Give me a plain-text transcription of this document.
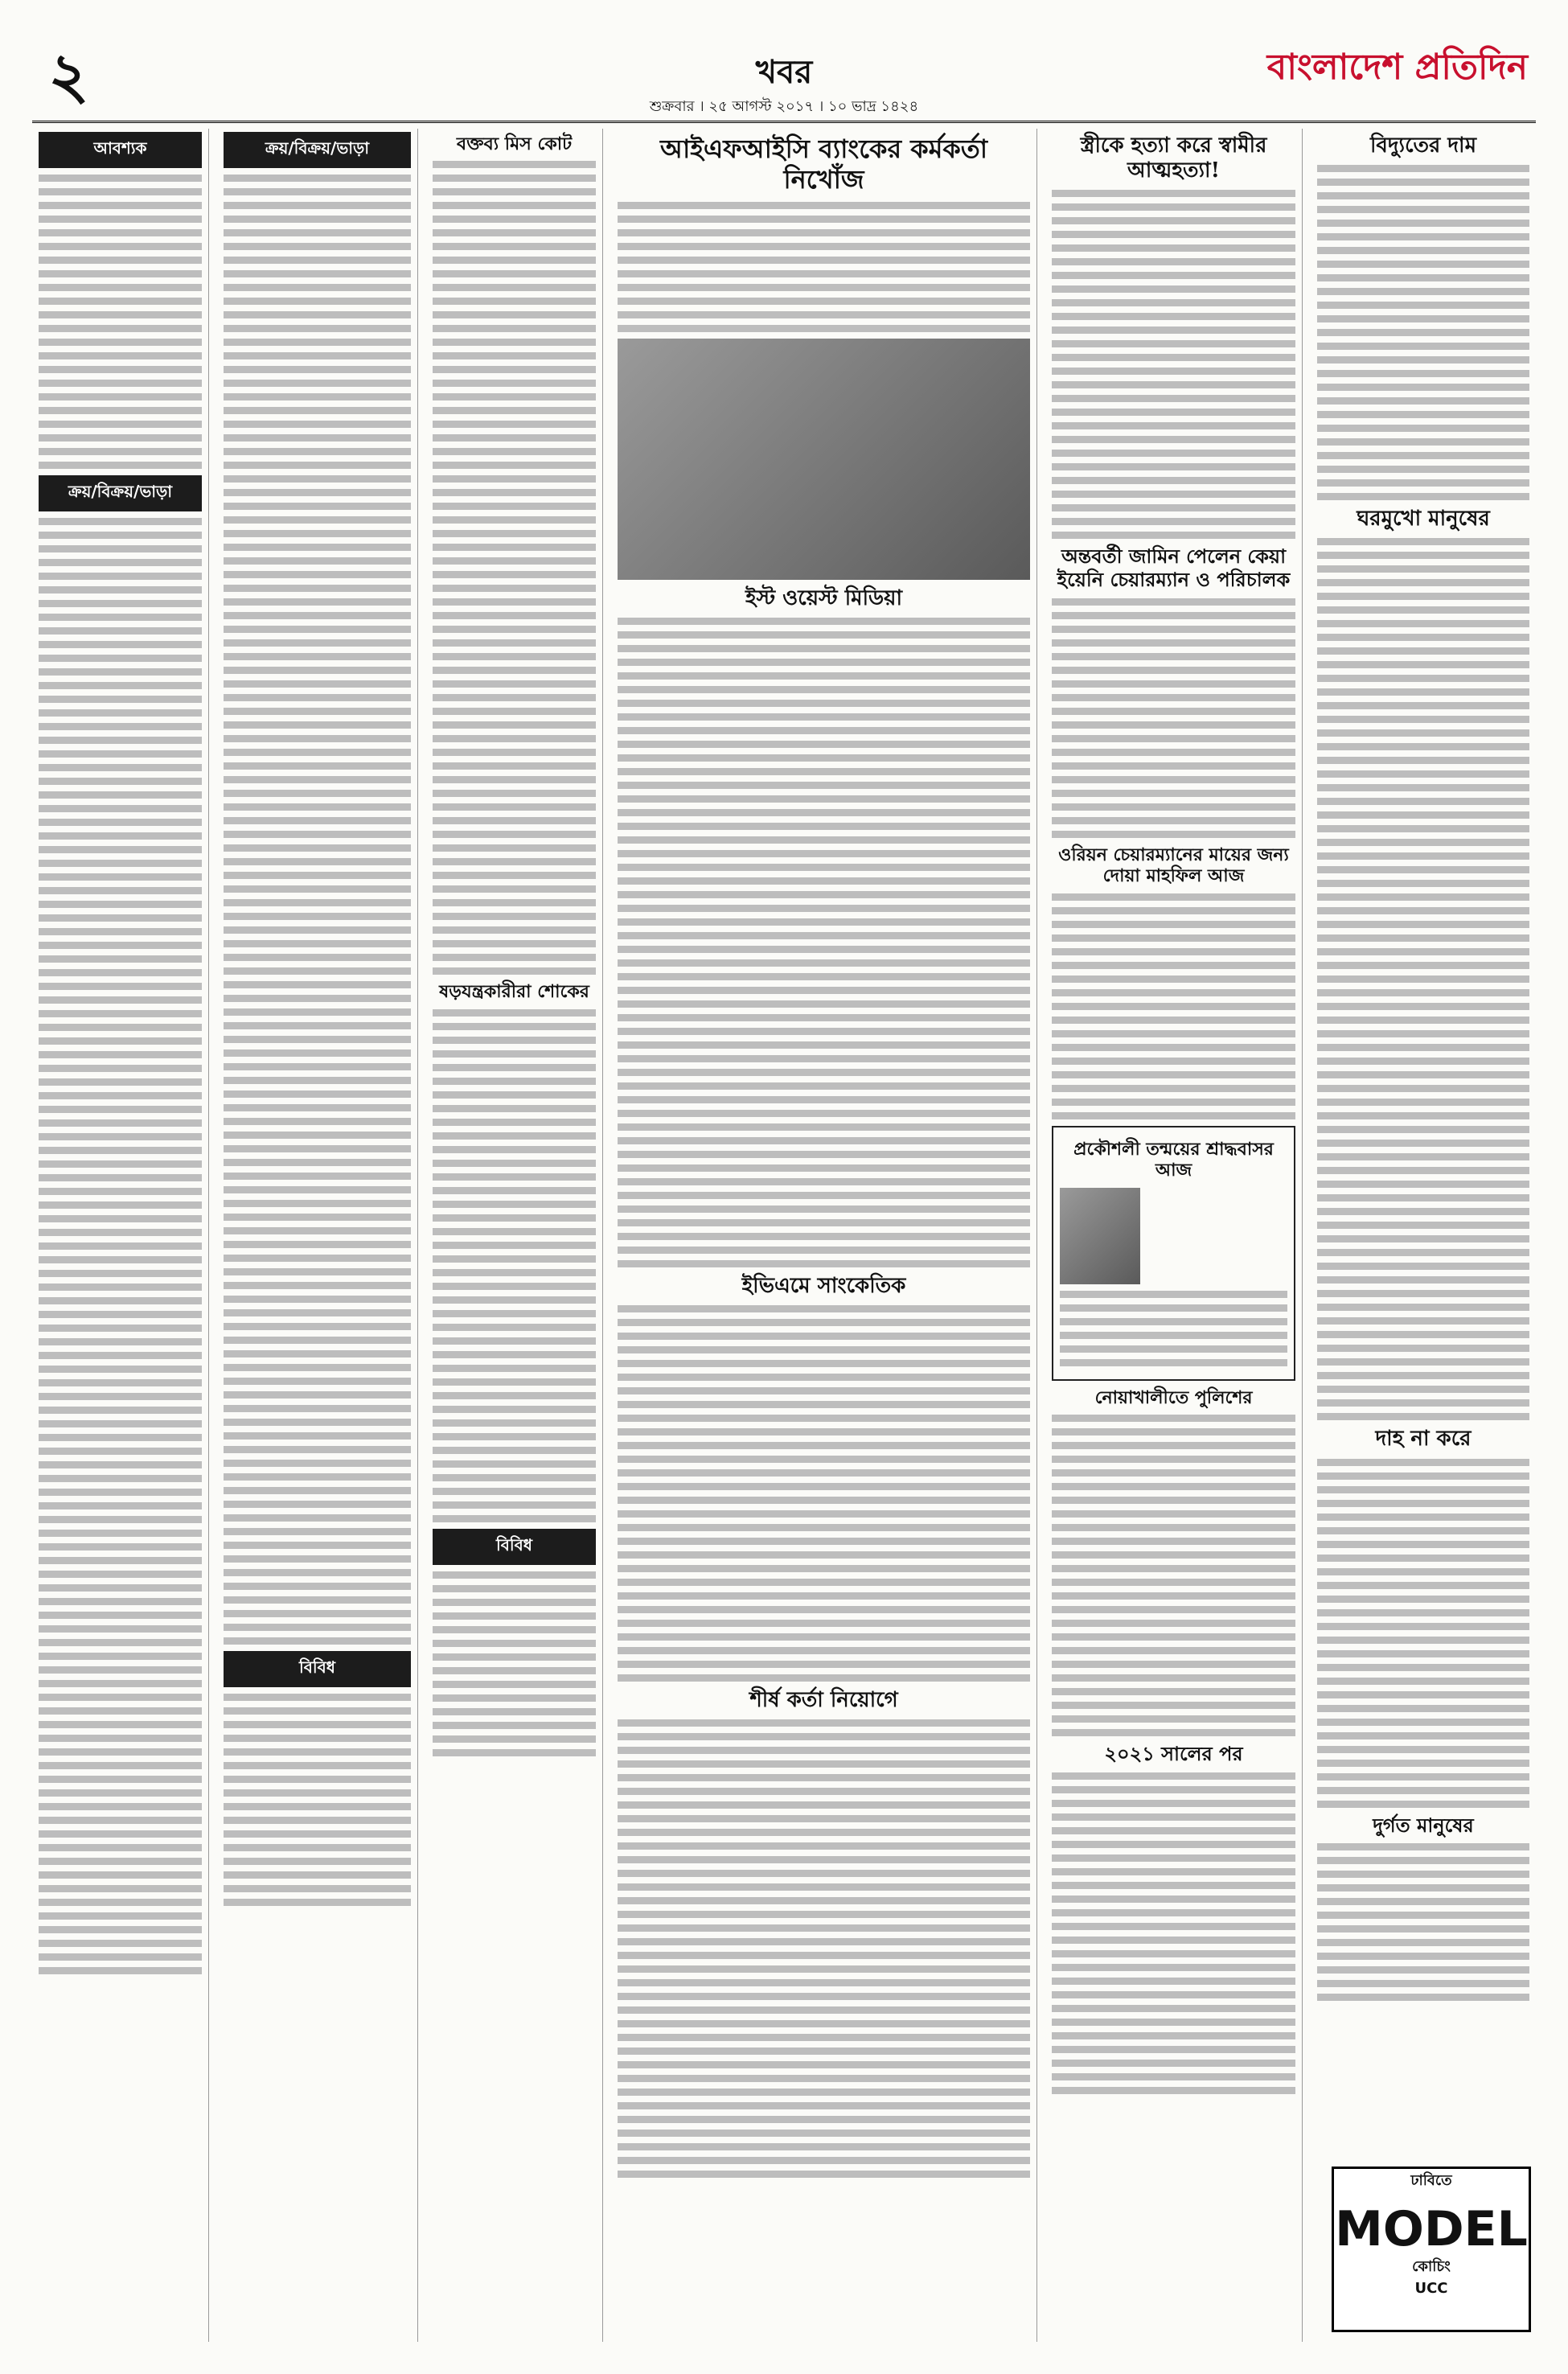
২	খবর
শুক্রবার । ২৫ আগস্ট ২০১৭ । ১০ ভাদ্র ১৪২৪
বাংলাদেশ প্রতিদিন
আবশ্যক
ক্রয়/বিক্রয়/ভাড়া
ক্রয়/বিক্রয়/ভাড়া
বিবিধ
বক্তব্য মিস কোট
ষড়যন্ত্রকারীরা শোকের
বিবিধ
আইএফআইসি ব্যাংকের কর্মকর্তা নিখোঁজ
ইস্ট ওয়েস্ট মিডিয়া
ইভিএমে সাংকেতিক
শীর্ষ কর্তা নিয়োগে
স্ত্রীকে হত্যা করে স্বামীর আত্মহত্যা!
অন্তবর্তী জামিন পেলেন কেয়া ইয়েনি চেয়ারম্যান ও পরিচালক
ওরিয়ন চেয়ারম্যানের মায়ের জন্য দোয়া মাহফিল আজ
প্রকৌশলী তন্ময়ের শ্রাদ্ধবাসর আজ
নোয়াখালীতে পুলিশের
২০২১ সালের পর
বিদ্যুতের দাম
ঘরমুখো মানুষের
দাহ না করে
দুর্গত মানুষের
ঢাবিতে
MODEL
কোচিং
UCC
